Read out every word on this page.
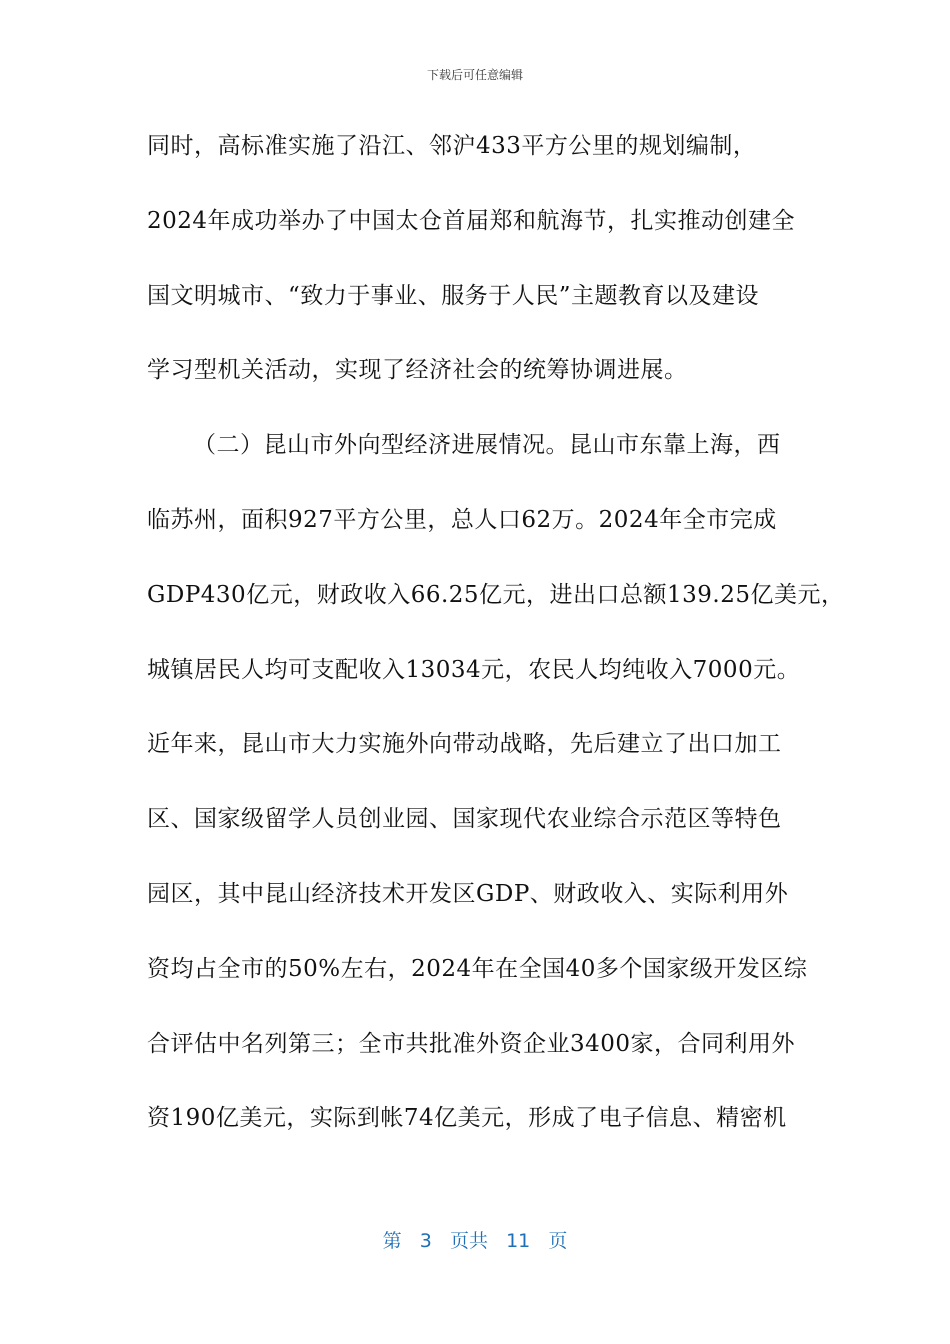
下载后可任意编辑
同时，高标准实施了沿江、邻沪433平方公里的规划编制，
2024年成功举办了中国太仓首届郑和航海节，扎实推动创建全
国文明城市、“致力于事业、服务于人民”主题教育以及建设
学习型机关活动，实现了经济社会的统筹协调进展。
（二）昆山市外向型经济进展情况。昆山市东靠上海，西
临苏州，面积927平方公里，总人口62万。2024年全市完成
GDP430亿元，财政收入66.25亿元，进出口总额139.25亿美元，
城镇居民人均可支配收入13034元，农民人均纯收入7000元。
近年来，昆山市大力实施外向带动战略，先后建立了出口加工
区、国家级留学人员创业园、国家现代农业综合示范区等特色
园区，其中昆山经济技术开发区GDP、财政收入、实际利用外
资均占全市的50%左右，2024年在全国40多个国家级开发区综
合评估中名列第三；全市共批准外资企业3400家，合同利用外
资190亿美元，实际到帐74亿美元，形成了电子信息、精密机
第 3 页共 11 页
